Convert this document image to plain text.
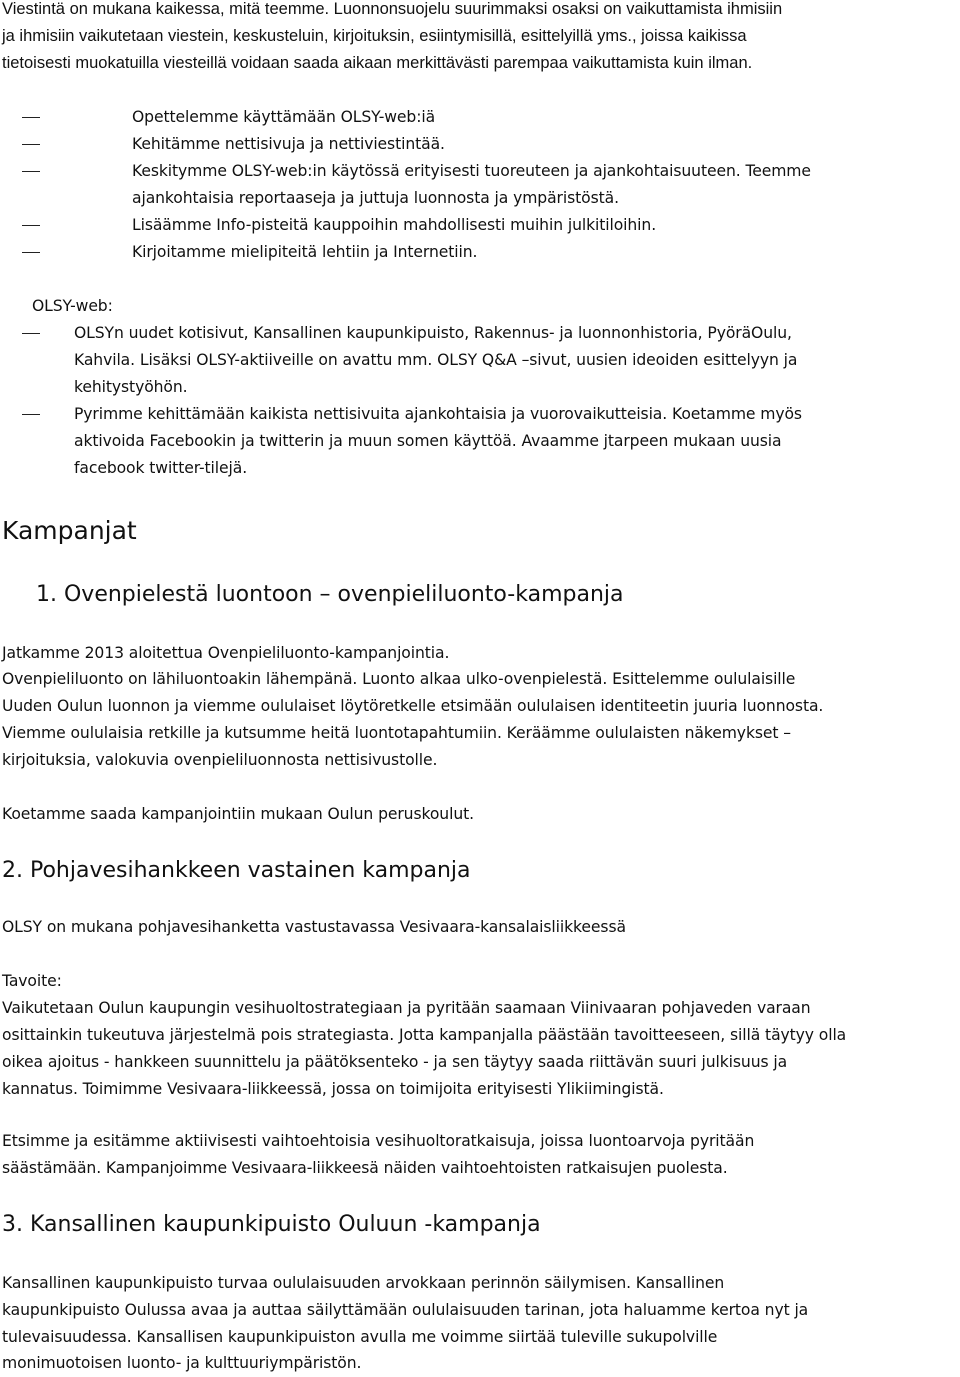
Viestintä on mukana kaikessa, mitä teemme. Luonnonsuojelu suurimmaksi osaksi on vaikuttamista ihmisiin
ja ihmisiin vaikutetaan viestein, keskusteluin, kirjoituksin, esiintymisillä, esittelyillä yms., joissa kaikissa
tietoisesti muokatuilla viesteillä voidaan saada aikaan merkittävästi parempaa vaikuttamista kuin ilman.
Opettelemme käyttämään OLSY-web:iä
Kehitämme nettisivuja ja nettiviestintää.
Keskitymme OLSY-web:in käytössä erityisesti tuoreuteen ja ajankohtaisuuteen. Teemme
ajankohtaisia reportaaseja ja juttuja luonnosta ja ympäristöstä.
Lisäämme Info-pisteitä kauppoihin mahdollisesti muihin julkitiloihin.
Kirjoitamme mielipiteitä lehtiin ja Internetiin.
OLSY-web:
OLSYn uudet kotisivut, Kansallinen kaupunkipuisto, Rakennus- ja luonnonhistoria, PyöräOulu,
Kahvila. Lisäksi OLSY-aktiiveille on avattu mm. OLSY Q&A –sivut, uusien ideoiden esittelyyn ja
kehitystyöhön.
Pyrimme kehittämään kaikista nettisivuita ajankohtaisia ja vuorovaikutteisia. Koetamme myös
aktivoida Facebookin ja twitterin ja muun somen käyttöä. Avaamme jtarpeen mukaan uusia
facebook twitter-tilejä.
Kampanjat
1. Ovenpielestä luontoon – ovenpieliluonto-kampanja
Jatkamme 2013 aloitettua Ovenpieliluonto-kampanjointia.
Ovenpieliluonto on lähiluontoakin lähempänä. Luonto alkaa ulko-ovenpielestä. Esittelemme oululaisille
Uuden Oulun luonnon ja viemme oululaiset löytöretkelle etsimään oululaisen identiteetin juuria luonnosta.
Viemme oululaisia retkille ja kutsumme heitä luontotapahtumiin. Keräämme oululaisten näkemykset –
kirjoituksia, valokuvia ovenpieliluonnosta nettisivustolle.
Koetamme saada kampanjointiin mukaan Oulun peruskoulut.
2. Pohjavesihankkeen vastainen kampanja
OLSY on mukana pohjavesihanketta vastustavassa Vesivaara-kansalaisliikkeessä
Tavoite:
Vaikutetaan Oulun kaupungin vesihuoltostrategiaan ja pyritään saamaan Viinivaaran pohjaveden varaan
osittainkin tukeutuva järjestelmä pois strategiasta. Jotta kampanjalla päästään tavoitteeseen, sillä täytyy olla
oikea ajoitus - hankkeen suunnittelu ja päätöksenteko - ja sen täytyy saada riittävän suuri julkisuus ja
kannatus. Toimimme Vesivaara-liikkeessä, jossa on toimijoita erityisesti Ylikiimingistä.
Etsimme ja esitämme aktiivisesti vaihtoehtoisia vesihuoltoratkaisuja, joissa luontoarvoja pyritään
säästämään. Kampanjoimme Vesivaara-liikkeesä näiden vaihtoehtoisten ratkaisujen puolesta.
3. Kansallinen kaupunkipuisto Ouluun -kampanja
Kansallinen kaupunkipuisto turvaa oululaisuuden arvokkaan perinnön säilymisen. Kansallinen
kaupunkipuisto Oulussa avaa ja auttaa säilyttämään oululaisuuden tarinan, jota haluamme kertoa nyt ja
tulevaisuudessa. Kansallisen kaupunkipuiston avulla me voimme siirtää tuleville sukupolville
monimuotoisen luonto- ja kulttuuriympäristön.
